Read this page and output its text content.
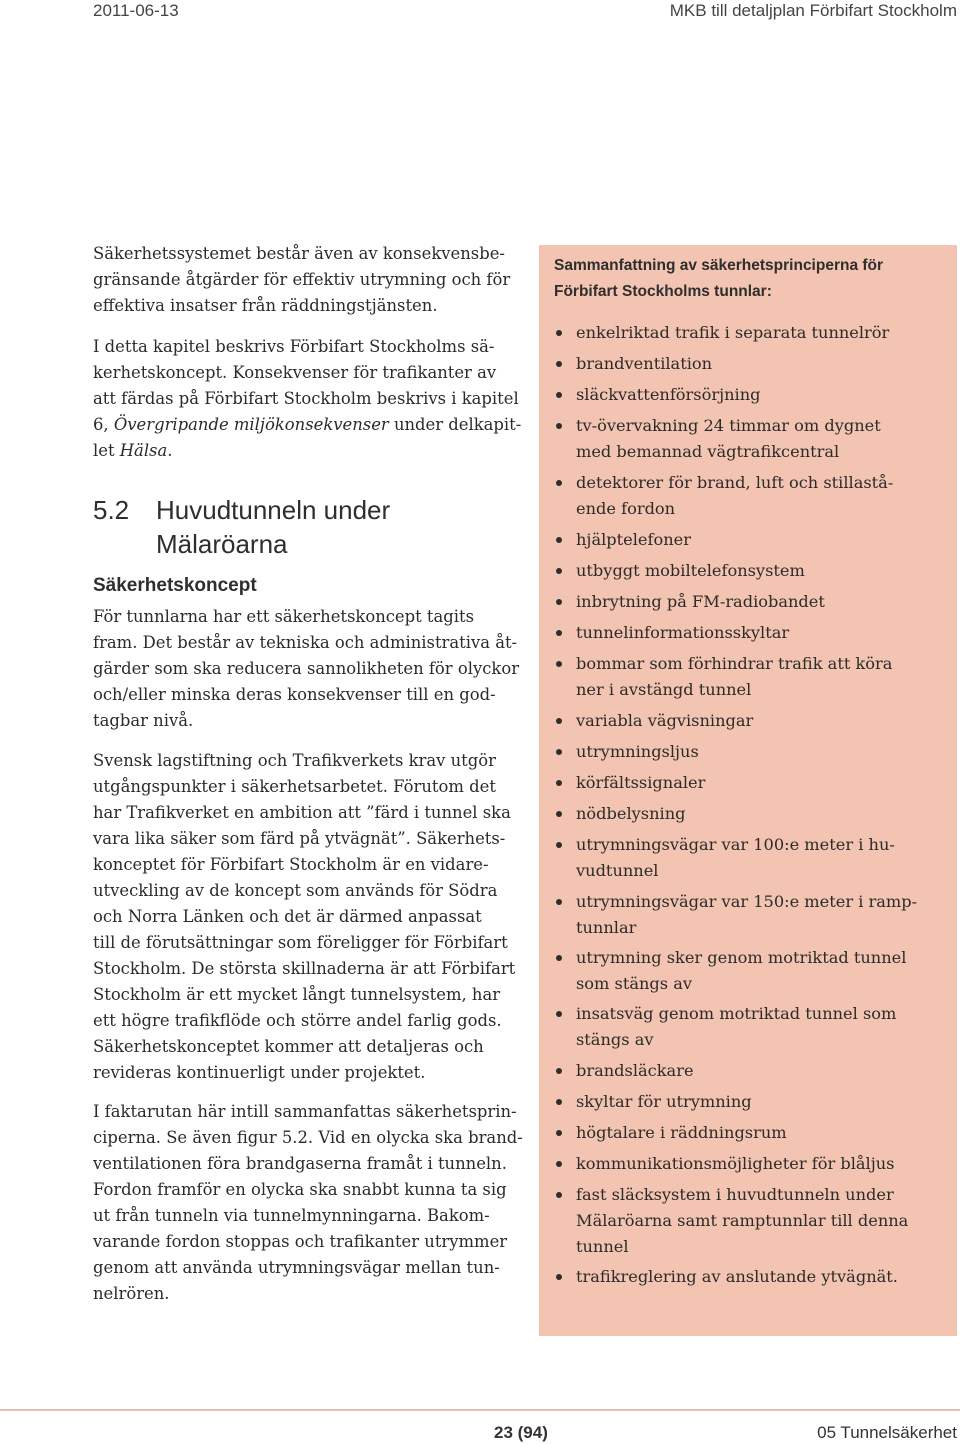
2011-06-13	MKB till detaljplan Förbifart Stockholm
Säkerhetssystemet består även av konsekvensbe-
gränsande åtgärder för effektiv utrymning och för
effektiva insatser från räddningstjänsten.
I detta kapitel beskrivs Förbifart Stockholms sä-
kerhetskoncept. Konsekvenser för trafikanter av
att färdas på Förbifart Stockholm beskrivs i kapitel
6, Övergripande miljökonsekvenser under delkapit-
let Hälsa.
5.2 Huvudtunneln under
Mälaröarna
Säkerhetskoncept
För tunnlarna har ett säkerhetskoncept tagits
fram. Det består av tekniska och administrativa åt-
gärder som ska reducera sannolikheten för olyckor
och/eller minska deras konsekvenser till en god-
tagbar nivå.
Svensk lagstiftning och Trafikverkets krav utgör
utgångspunkter i säkerhetsarbetet. Förutom det
har Trafikverket en ambition att ”färd i tunnel ska
vara lika säker som färd på ytvägnät”. Säkerhets-
konceptet för Förbifart Stockholm är en vidare-
utveckling av de koncept som används för Södra
och Norra Länken och det är därmed anpassat
till de förutsättningar som föreligger för Förbifart
Stockholm. De största skillnaderna är att Förbifart
Stockholm är ett mycket långt tunnelsystem, har
ett högre trafikflöde och större andel farlig gods.
Säkerhetskonceptet kommer att detaljeras och
revideras kontinuerligt under projektet.
I faktarutan här intill sammanfattas säkerhetsprin-
ciperna. Se även figur 5.2. Vid en olycka ska brand-
ventilationen föra brandgaserna framåt i tunneln.
Fordon framför en olycka ska snabbt kunna ta sig
ut från tunneln via tunnelmynningarna. Bakom-
varande fordon stoppas och trafikanter utrymmer
genom att använda utrymningsvägar mellan tun-
nelrören.
Sammanfattning av säkerhetsprinciperna för
Förbifart Stockholms tunnlar:
enkelriktad trafik i separata tunnelrör
brandventilation
släckvattenförsörjning
tv-övervakning 24 timmar om dygnet
med bemannad vägtrafikcentral
detektorer för brand, luft och stillastå-
ende fordon
hjälptelefoner
utbyggt mobiltelefonsystem
inbrytning på FM-radiobandet
tunnelinformationsskyltar
bommar som förhindrar trafik att köra
ner i avstängd tunnel
variabla vägvisningar
utrymningsljus
körfältssignaler
nödbelysning
utrymningsvägar var 100:e meter i hu-
vudtunnel
utrymningsvägar var 150:e meter i ramp-
tunnlar
utrymning sker genom motriktad tunnel
som stängs av
insatsväg genom motriktad tunnel som
stängs av
brandsläckare
skyltar för utrymning
högtalare i räddningsrum
kommunikationsmöjligheter för blåljus
fast släcksystem i huvudtunneln under
Mälaröarna samt ramptunnlar till denna
tunnel
trafikreglering av anslutande ytvägnät.
23 (94)	05 Tunnelsäkerhet
